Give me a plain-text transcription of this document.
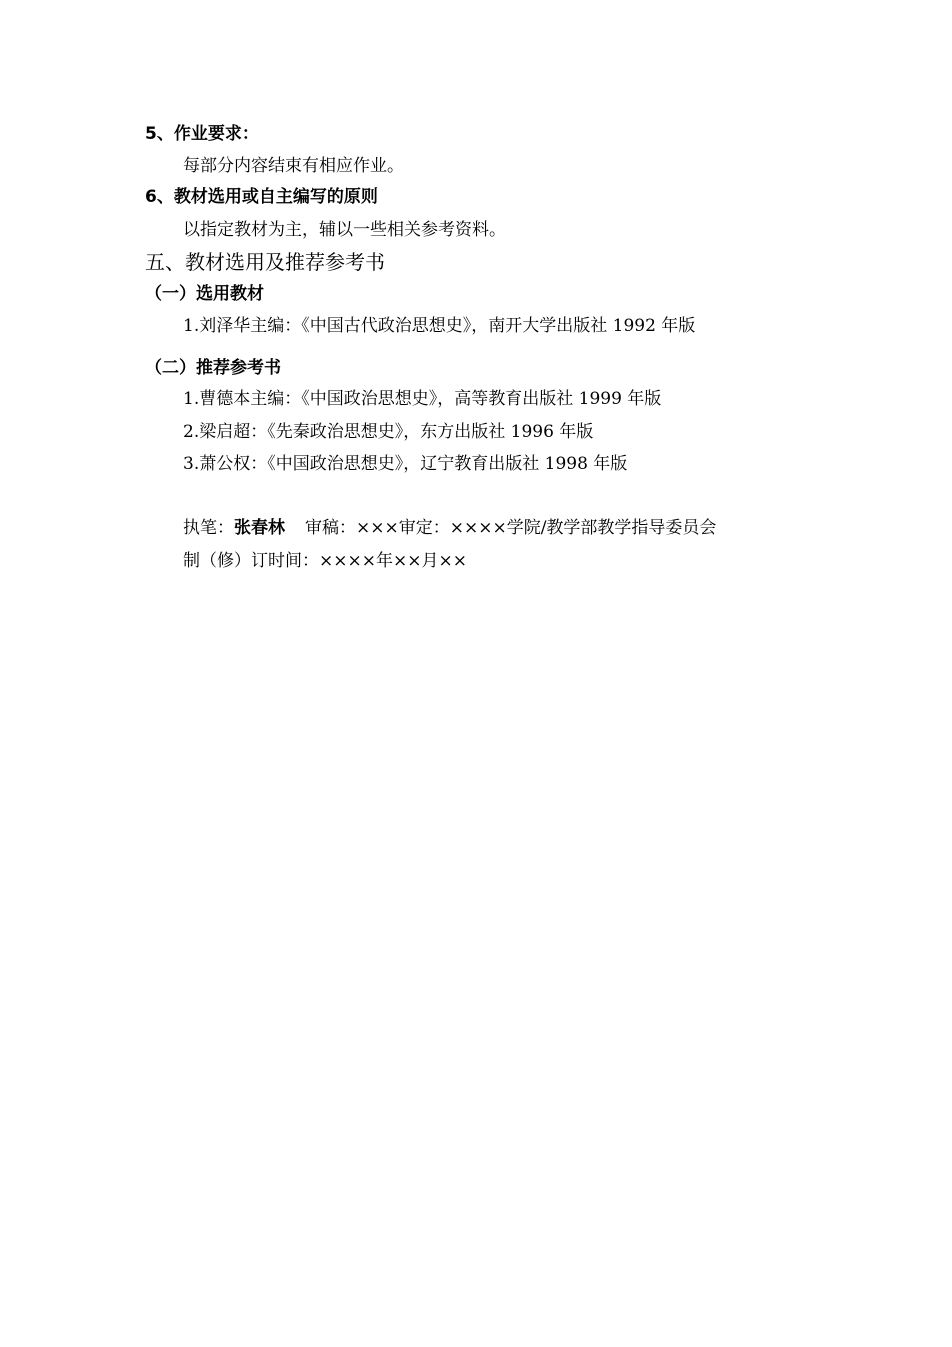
5、作业要求：
每部分内容结束有相应作业。
6、教材选用或自主编写的原则
以指定教材为主，辅以一些相关参考资料。
五、教材选用及推荐参考书
（一）选用教材
1.刘泽华主编：《中国古代政治思想史》，南开大学出版社 1992 年版
（二）推荐参考书
1.曹德本主编：《中国政治思想史》，高等教育出版社 1999 年版
2.梁启超：《先秦政治思想史》，东方出版社 1996 年版
3.萧公权：《中国政治思想史》，辽宁教育出版社 1998 年版
执笔：张春林 审稿：×××审定：××××学院/教学部教学指导委员会
制（修）订时间：××××年××月××
